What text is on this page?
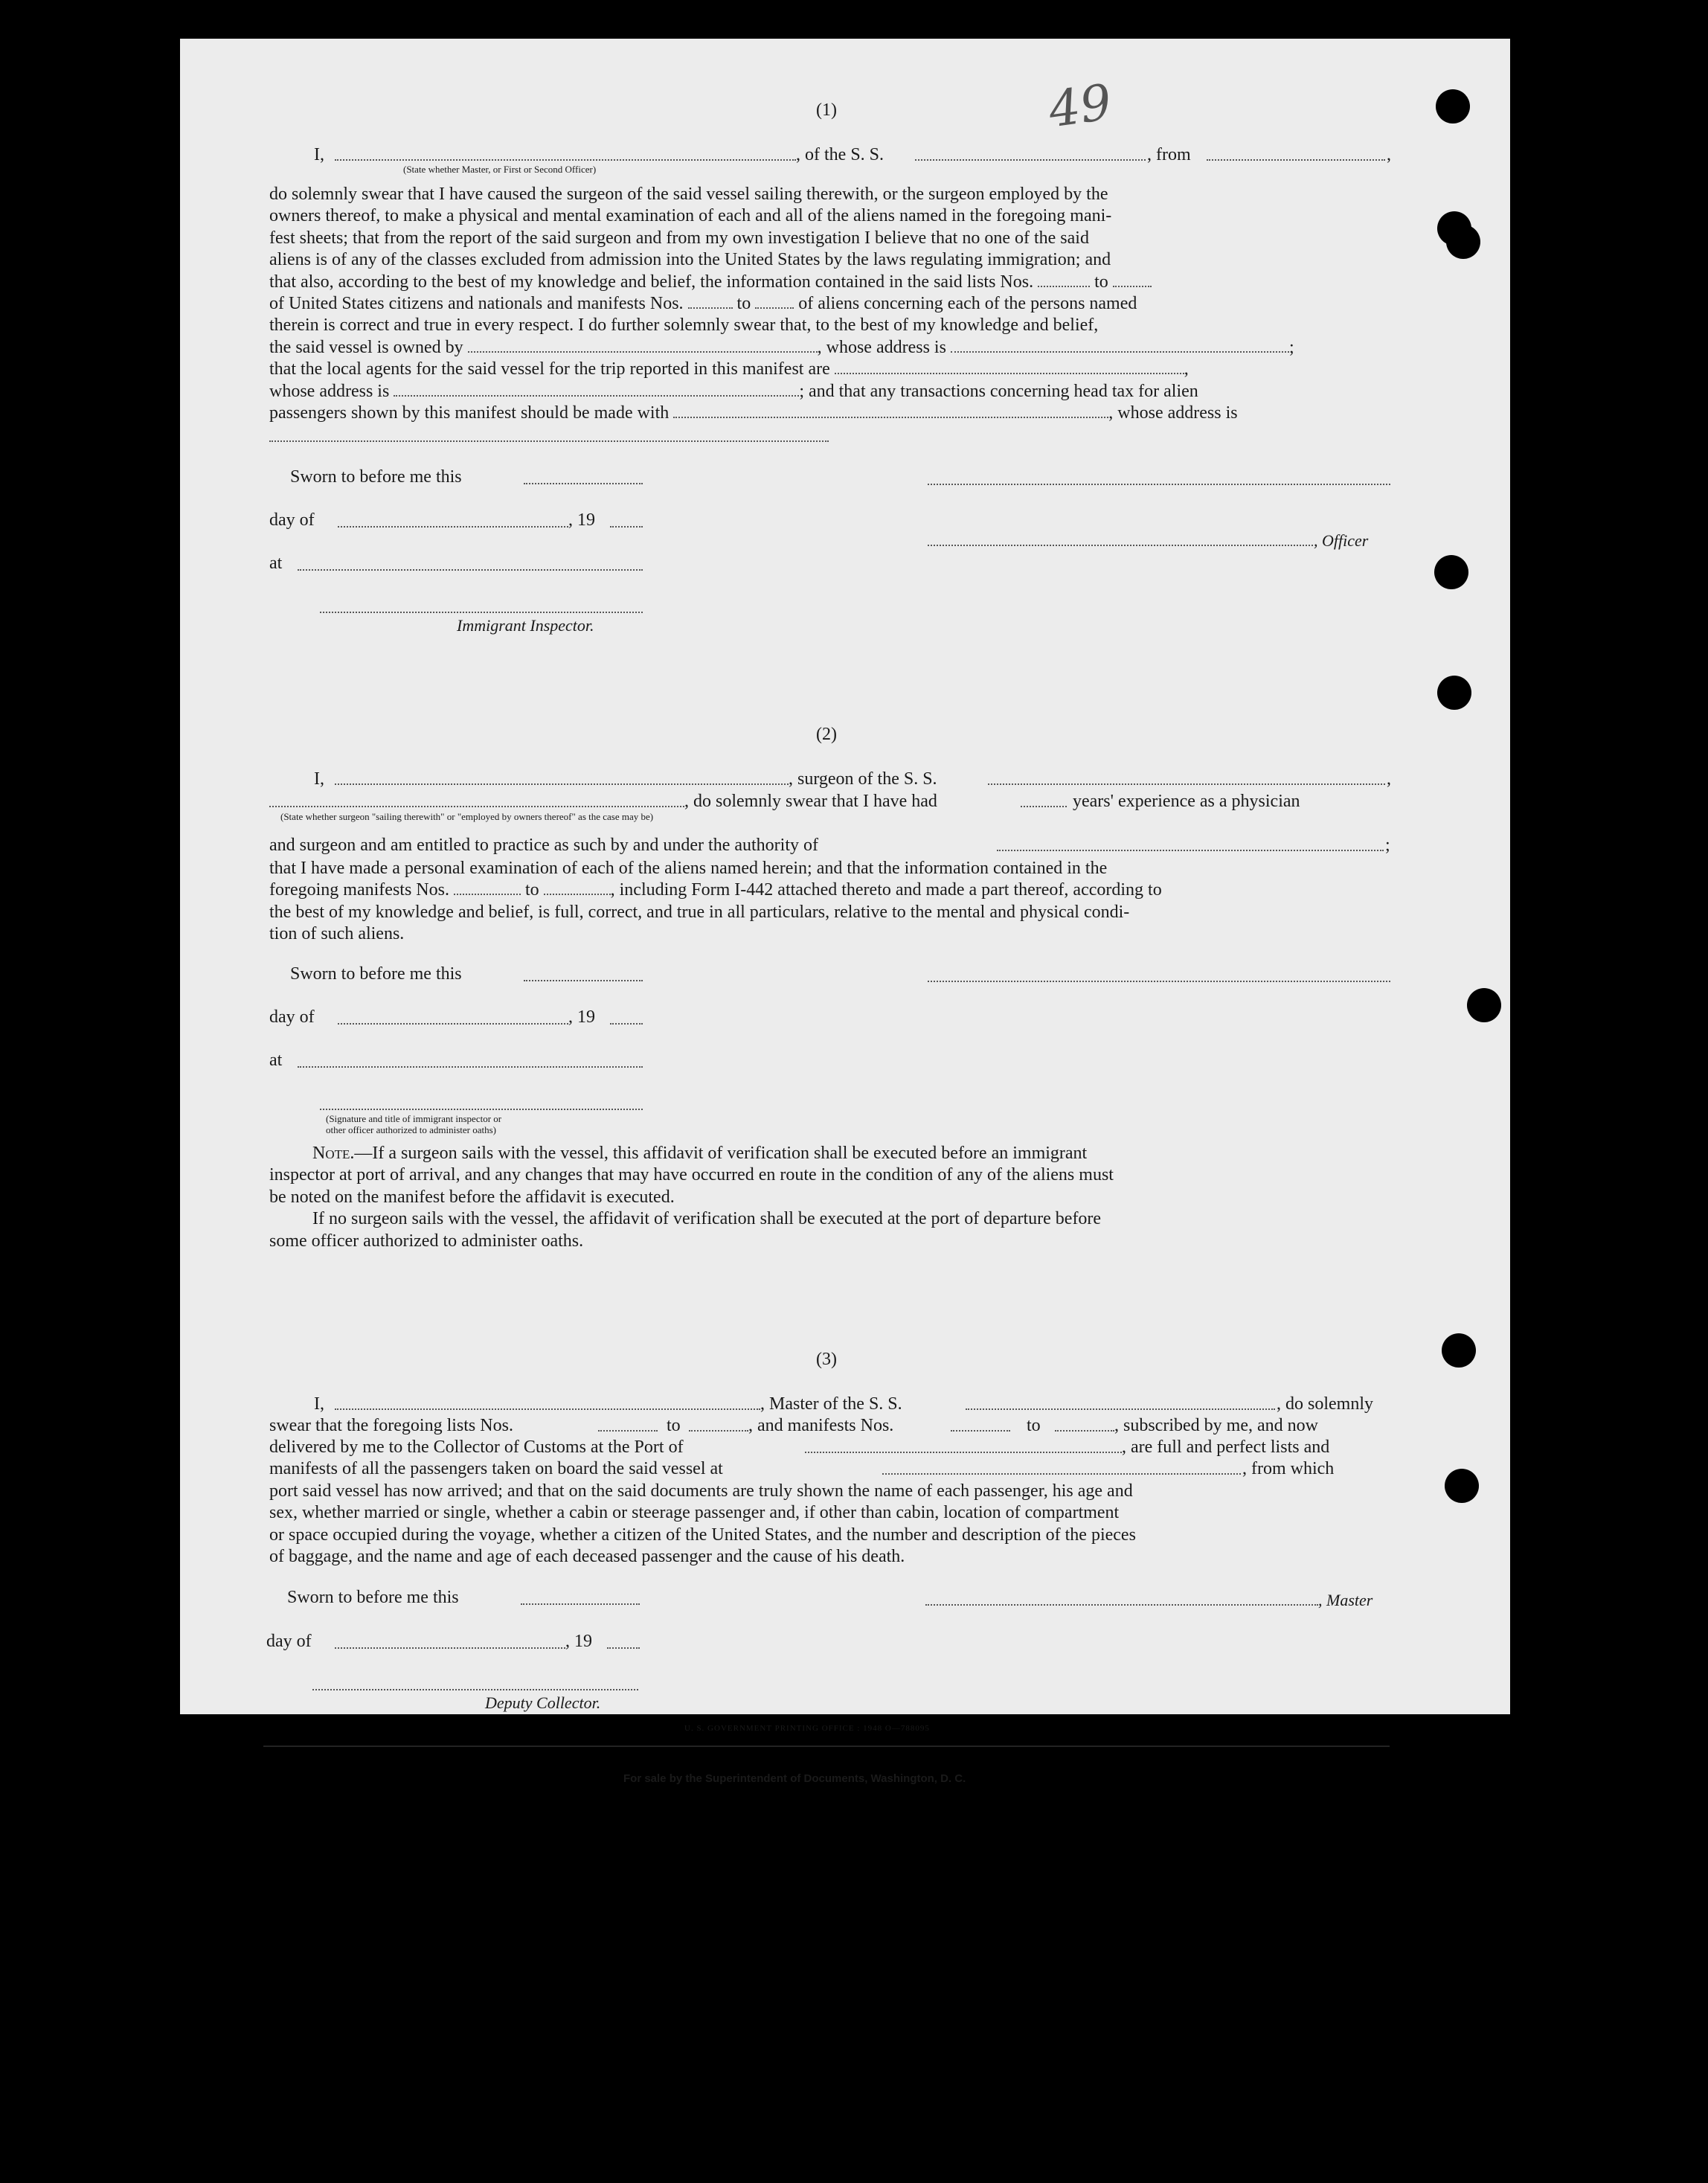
49
(1)
I,	, of the S. S.	, from	,
(State whether Master, or First or Second Officer)
do solemnly swear that I have caused the surgeon of the said vessel sailing therewith, or the surgeon employed by the
owners thereof, to make a physical and mental examination of each and all of the aliens named in the foregoing mani-
fest sheets; that from the report of the said surgeon and from my own investigation I believe that no one of the said
aliens is of any of the classes excluded from admission into the United States by the laws regulating immigration; and
that also, according to the best of my knowledge and belief, the information contained in the said lists Nos.	to
of United States citizens and nationals and manifests Nos.	to	of aliens concerning each of the persons named
therein is correct and true in every respect. I do further solemnly swear that, to the best of my knowledge and belief,
the said vessel is owned by	, whose address is	;
that the local agents for the said vessel for the trip reported in this manifest are	,
whose address is	; and that any transactions concerning head tax for alien
passengers shown by this manifest should be made with	, whose address is
Sworn to before me this
day of	, 19
at
Immigrant Inspector.
, Officer
(2)
I,	, surgeon of the S. S.	,
, do solemnly swear that I have had	years' experience as a physician
(State whether surgeon "sailing therewith" or "employed by owners thereof" as the case may be)
and surgeon and am entitled to practice as such by and under the authority of	;
that I have made a personal examination of each of the aliens named herein; and that the information contained in the
foregoing manifests Nos.	to	, including Form I-442 attached thereto and made a part thereof, according to
the best of my knowledge and belief, is full, correct, and true in all particulars, relative to the mental and physical condi-
tion of such aliens.
Sworn to before me this
day of	, 19
at
(Signature and title of immigrant inspector or
other officer authorized to administer oaths)
Note.—If a surgeon sails with the vessel, this affidavit of verification shall be executed before an immigrant
inspector at port of arrival, and any changes that may have occurred en route in the condition of any of the aliens must
be noted on the manifest before the affidavit is executed.
If no surgeon sails with the vessel, the affidavit of verification shall be executed at the port of departure before
some officer authorized to administer oaths.
(3)
I,	, Master of the S. S.	, do solemnly
swear that the foregoing lists Nos.	to	, and manifests Nos.	to	, subscribed by me, and now
delivered by me to the Collector of Customs at the Port of	, are full and perfect lists and
manifests of all the passengers taken on board the said vessel at	, from which
port said vessel has now arrived; and that on the said documents are truly shown the name of each passenger, his age and
sex, whether married or single, whether a cabin or steerage passenger and, if other than cabin, location of compartment
or space occupied during the voyage, whether a citizen of the United States, and the number and description of the pieces
of baggage, and the name and age of each deceased passenger and the cause of his death.
Sworn to before me this
day of	, 19
Deputy Collector.
, Master
U. S. GOVERNMENT PRINTING OFFICE : 1948 O—788095
For sale by the Superintendent of Documents, Washington, D. C.
